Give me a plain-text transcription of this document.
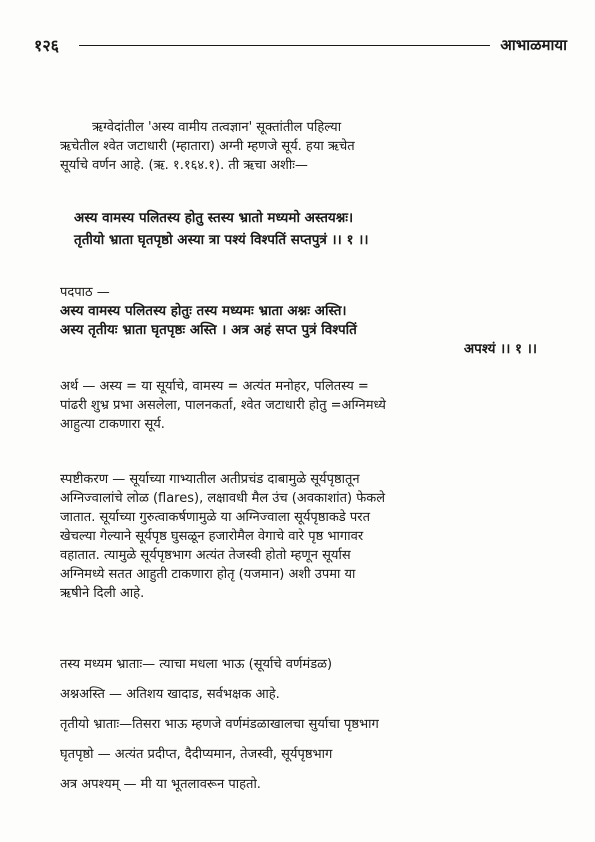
१२६	आभाळमाया
ऋग्वेदांतील 'अस्य वामीय तत्वज्ञान' सूक्तांतील पहिल्या
ऋचेतील श्वेत जटाधारी (म्हातारा) अग्नी म्हणजे सूर्य. हया ऋचेत
सूर्याचे वर्णन आहे. (ऋ. १.१६४.१). ती ऋचा अशीः—
अस्य वामस्य पलितस्य होतु स्तस्य भ्रातो मध्यमो अस्तयश्नः।
तृतीयो भ्राता घृतपृष्ठो अस्या त्रा पश्यं विश्पतिं सप्तपुत्रं ।। १ ।।
पदपाठ —
अस्य वामस्य पलितस्य होतुः तस्य मध्यमः भ्राता अश्नः अस्ति।
अस्य तृतीयः भ्राता घृतपृष्ठः अस्ति । अत्र अहं सप्त पुत्रं विश्पतिं
अपश्यं ।। १ ।।
अर्थ — अस्य = या सूर्याचे, वामस्य = अत्यंत मनोहर, पलितस्य =
पांढरी शुभ्र प्रभा असलेला, पालनकर्ता, श्वेत जटाधारी होतु =अग्निमध्ये
आहुत्या टाकणारा सूर्य.
स्पष्टीकरण — सूर्याच्या गाभ्यातील अतीप्रचंड दाबामुळे सूर्यपृष्ठातून
अग्निज्वालांचे लोळ (flares), लक्षावधी मैल उंच (अवकाशांत) फेकले
जातात. सूर्याच्या गुरुत्वाकर्षणामुळे या अग्निज्वाला सूर्यपृष्ठाकडे परत
खेचल्या गेल्याने सूर्यपृष्ठ घुसळून हजारोमैल वेगाचे वारे पृष्ठ भागावर
वहातात. त्यामुळे सूर्यपृष्ठभाग अत्यंत तेजस्वी होतो म्हणून सूर्यास
अग्निमध्ये सतत आहुती टाकणारा होतृ (यजमान) अशी उपमा या
ऋषीने दिली आहे.
तस्य मध्यम भ्राताः— त्याचा मधला भाऊ (सूर्याचे वर्णमंडळ)
अश्नअस्ति — अतिशय खादाड, सर्वभक्षक आहे.
तृतीयो भ्राताः—तिसरा भाऊ म्हणजे वर्णमंडळाखालचा सुर्याचा पृष्ठभाग
घृतपृष्ठो — अत्यंत प्रदीप्त, दैदीप्यमान, तेजस्वी, सूर्यपृष्ठभाग
अत्र अपश्यम् — मी या भूतलावरून पाहतो.
